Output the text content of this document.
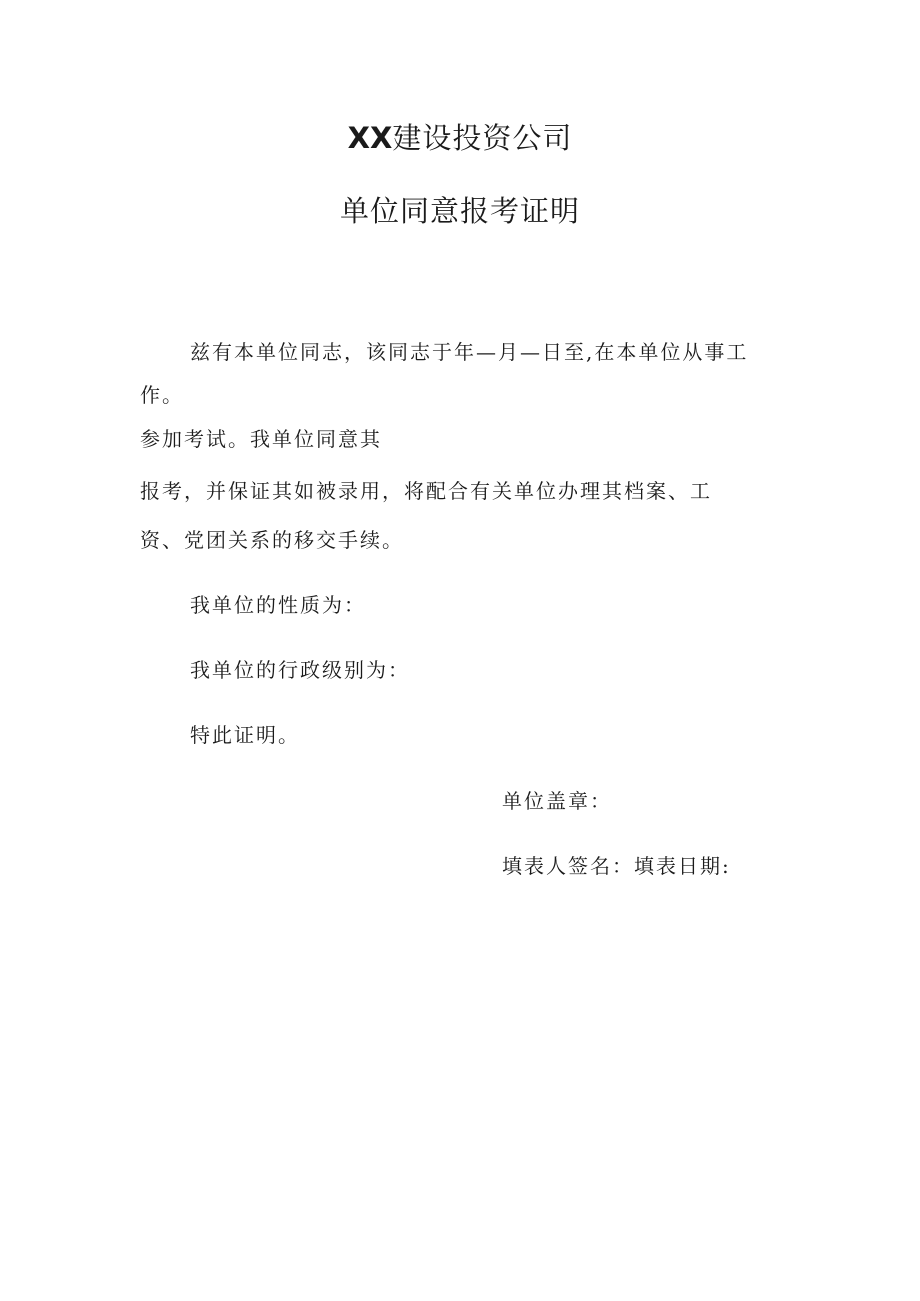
XX建设投资公司
单位同意报考证明
兹有本单位同志，该同志于年—月—日至,在本单位从事工
作。
参加考试。我单位同意其
报考，并保证其如被录用，将配合有关单位办理其档案、工
资、党团关系的移交手续。
我单位的性质为：
我单位的行政级别为：
特此证明。
单位盖章：
填表人签名：填表日期:
